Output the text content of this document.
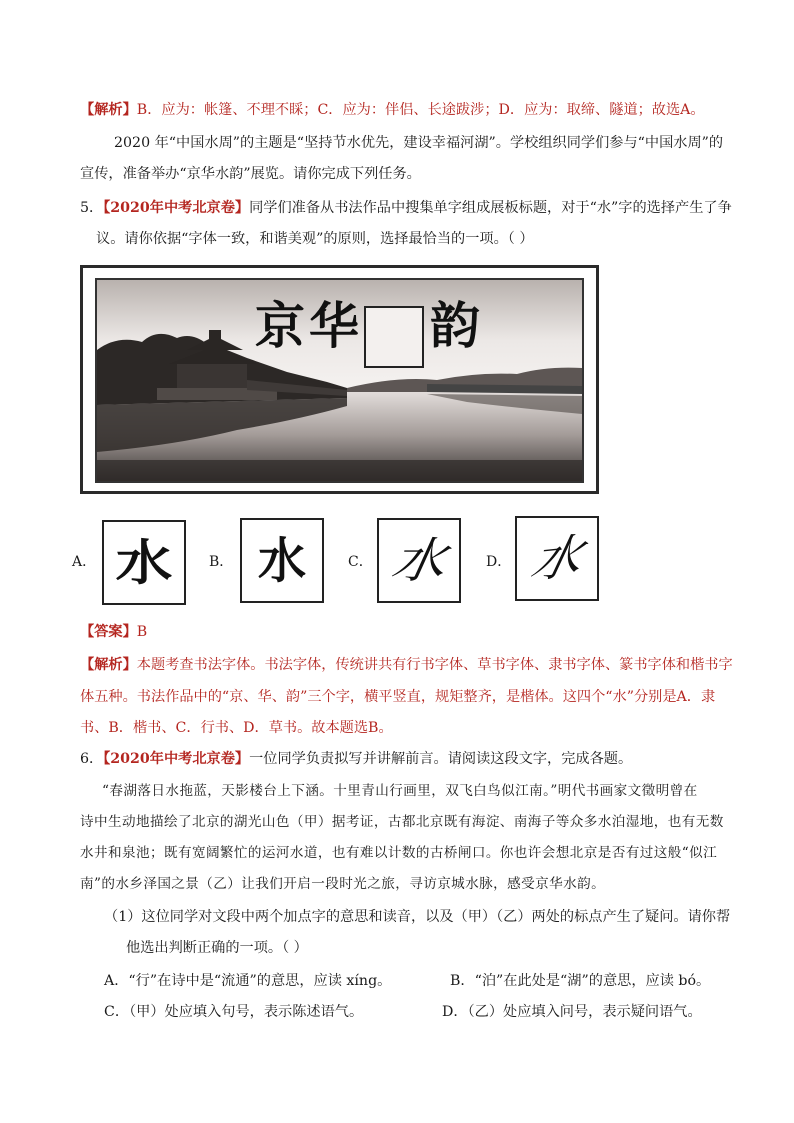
【解析】B．应为：帐篷、不理不睬；C．应为：伴侣、长途跋涉；D．应为：取缔、隧道；故选A。
2020 年“中国水周”的主题是“坚持节水优先，建设幸福河湖”。学校组织同学们参与“中国水周”的
宣传，准备举办“京华水韵”展览。请你完成下列任务。
5．【2020年中考北京卷】同学们准备从书法作品中搜集单字组成展板标题，对于“水”字的选择产生了争
议。请你依据“字体一致，和谐美观”的原则，选择最恰当的一项。（ ）
京 华 韵
A． 水	B． 水	C． 水	D． 水
【答案】B
【解析】本题考查书法字体。书法字体，传统讲共有行书字体、草书字体、隶书字体、篆书字体和楷书字
体五种。书法作品中的“京、华、韵”三个字，横平竖直，规矩整齐，是楷体。这四个“水”分别是A．隶
书、B．楷书、C．行书、D．草书。故本题选B。
6．【2020年中考北京卷】一位同学负责拟写并讲解前言。请阅读这段文字，完成各题。
“春湖落日水拖蓝，天影楼台上下涵。十里青山行画里，双飞白鸟似江南。”明代书画家文徵明曾在
诗中生动地描绘了北京的湖光山色（甲）据考证，古都北京既有海淀、南海子等众多水泊湿地，也有无数
水井和泉池；既有宽阔繁忙的运河水道，也有难以计数的古桥闸口。你也许会想北京是否有过这般“似江
南”的水乡泽国之景（乙）让我们开启一段时光之旅，寻访京城水脉，感受京华水韵。
（1）这位同学对文段中两个加点字的意思和读音，以及（甲）（乙）两处的标点产生了疑问。请你帮
他选出判断正确的一项。（ ）
A．“行”在诗中是“流通”的意思，应读 xíng。	B．“泊”在此处是“湖”的意思，应读 bó。
C．（甲）处应填入句号，表示陈述语气。	D．（乙）处应填入问号，表示疑问语气。
